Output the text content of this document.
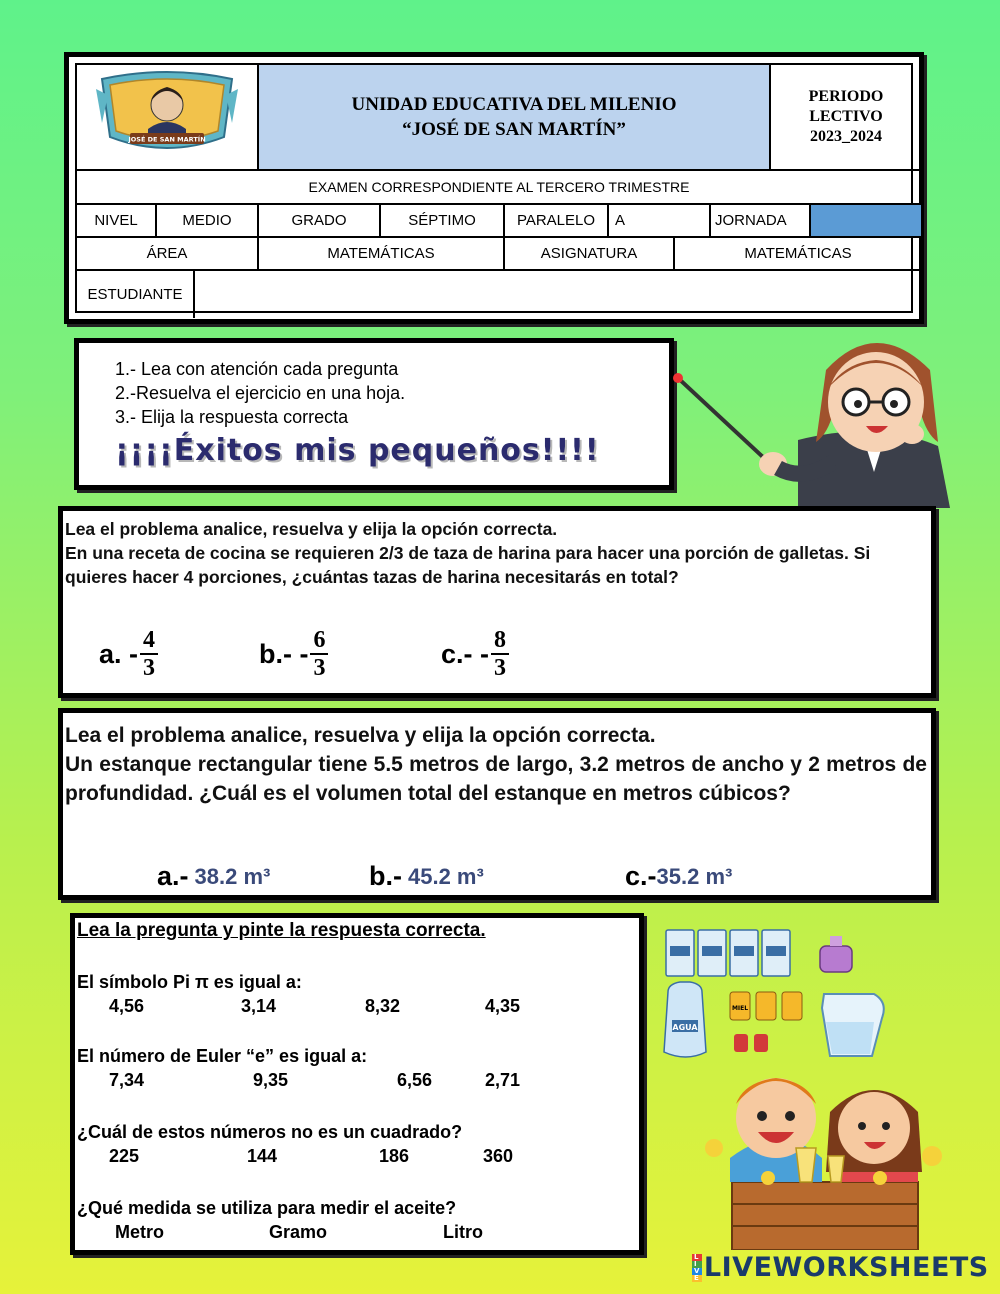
JOSÉ DE SAN MARTÍN
UNIDAD EDUCATIVA DEL MILENIO
“JOSÉ DE SAN MARTÍN”
PERIODO
LECTIVO
2023_2024
EXAMEN CORRESPONDIENTE AL TERCERO TRIMESTRE
NIVEL	MEDIO	GRADO	SÉPTIMO	PARALELO	A	JORNADA
ÁREA	MATEMÁTICAS	ASIGNATURA	MATEMÁTICAS
ESTUDIANTE
1.- Lea con atención cada pregunta
2.-Resuelva el ejercicio en una hoja.
3.- Elija la respuesta correcta
¡¡¡¡Éxitos mis pequeños!!!!
Lea el problema analice, resuelva y elija la opción correcta.
En una receta de cocina se requieren 2/3 de taza de harina para hacer una porción de galletas. Si quieres hacer 4 porciones, ¿cuántas tazas de harina necesitarás en total?
a. - $\frac{4}{3}$	$b.- - \frac{6}{3}$	$c.- - \frac{8}{3}$
Lea el problema analice, resuelva y elija la opción correcta.
Un estanque rectangular tiene 5.5 metros de largo, 3.2 metros de ancho y 2 metros de profundidad. ¿Cuál es el volumen total del estanque en metros cúbicos?
a.- 38.2 m³	b.- 45.2 m³	c.- 35.2 m³
Lea la pregunta y pinte la respuesta correcta.
El símbolo Pi π es igual a:
4,56	3,14	8,32	4,35
El número de Euler “e” es igual a:
7,34	9,35	6,56	2,71
¿Cuál de estos números no es un cuadrado?
225	144	186	360
¿Qué medida se utiliza para medir el aceite?
Metro	Gramo	Litro
AGUA
MIEL
L
I
V
E LIVEWORKSHEETS
